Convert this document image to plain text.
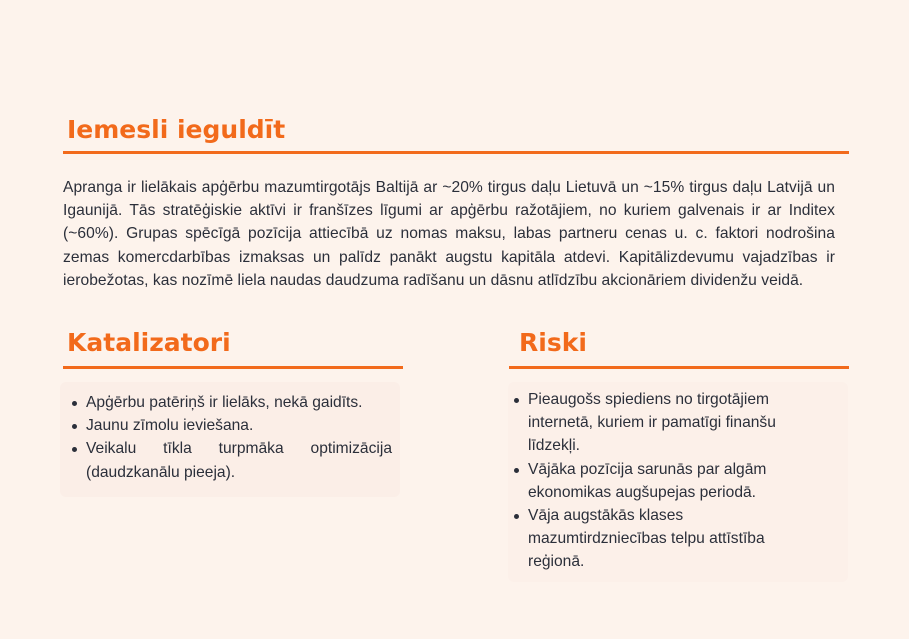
Iemesli ieguldīt

Apranga ir lielākais apģērbu mazumtirgotājs Baltijā ar ~20% tirgus daļu Lietuvā un ~15% tirgus daļu Latvijā un Igaunijā. Tās stratēģiskie aktīvi ir franšīzes līgumi ar apģērbu ražotājiem, no kuriem galvenais ir ar Inditex (~60%). Grupas spēcīgā pozīcija attiecībā uz nomas maksu, labas partneru cenas u. c. faktori nodrošina zemas komercdarbības izmaksas un palīdz panākt augstu kapitāla atdevi. Kapitālizdevumu vajadzības ir ierobežotas, kas nozīmē liela naudas daudzuma radīšanu un dāsnu atlīdzību akcionāriem dividenžu veidā.

Katalizatori
Apģērbu patēriņš ir lielāks, nekā gaidīts.
Jaunu zīmolu ieviešana.
Veikalu tīkla turpmāka optimizācija (daudzkanālu pieeja).
Riski
Pieaugošs spiediens no tirgotājiem internetā, kuriem ir pamatīgi finanšu līdzekļi.
Vājāka pozīcija sarunās par algām ekonomikas augšupejas periodā.
Vāja augstākās klases mazumtirdzniecības telpu attīstība reģionā.
